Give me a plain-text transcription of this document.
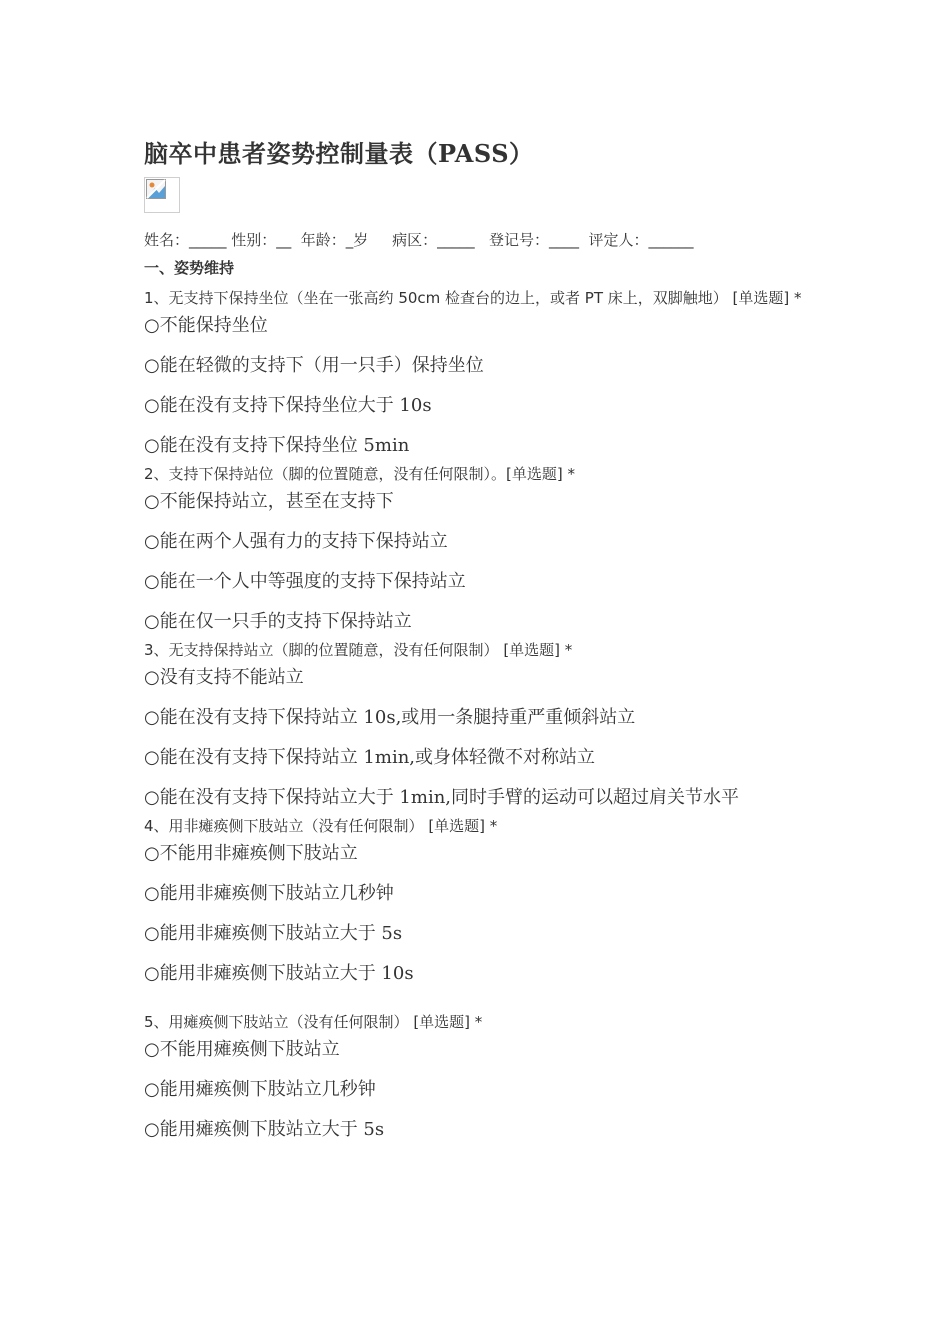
脑卒中患者姿势控制量表（PASS）
姓名：_____ 性别：__  年龄：_岁     病区：_____   登记号：____  评定人：______
一、姿势维持
1、无支持下保持坐位（坐在一张高约 50cm 检查台的边上，或者 PT 床上，双脚触地） [单选题] *
○不能保持坐位
○能在轻微的支持下（用一只手）保持坐位
○能在没有支持下保持坐位大于 10s
○能在没有支持下保持坐位 5min
2、支持下保持站位（脚的位置随意，没有任何限制）。[单选题] *
○不能保持站立，甚至在支持下
○能在两个人强有力的支持下保持站立
○能在一个人中等强度的支持下保持站立
○能在仅一只手的支持下保持站立
3、无支持保持站立（脚的位置随意，没有任何限制） [单选题] *
○没有支持不能站立
○能在没有支持下保持站立 10s,或用一条腿持重严重倾斜站立
○能在没有支持下保持站立 1min,或身体轻微不对称站立
○能在没有支持下保持站立大于 1min,同时手臂的运动可以超过肩关节水平
4、用非瘫痪侧下肢站立（没有任何限制） [单选题] *
○不能用非瘫痪侧下肢站立
○能用非瘫痪侧下肢站立几秒钟
○能用非瘫痪侧下肢站立大于 5s
○能用非瘫痪侧下肢站立大于 10s
5、用瘫痪侧下肢站立（没有任何限制） [单选题] *
○不能用瘫痪侧下肢站立
○能用瘫痪侧下肢站立几秒钟
○能用瘫痪侧下肢站立大于 5s
